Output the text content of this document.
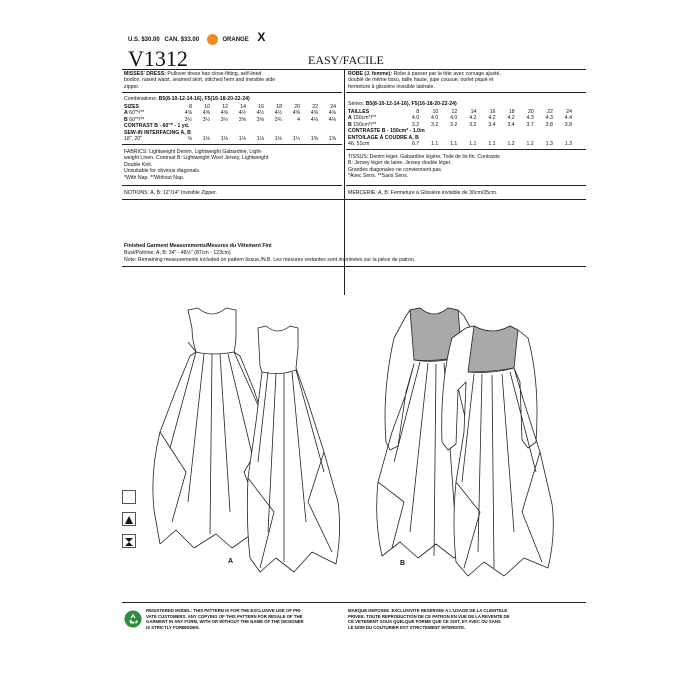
U.S. $30.00 CAN. $33.00	ORANGE X
V1312	EASY/FACILE
MISSES' DRESS: Pullover dress has close-fitting, self-lined
bodice, raised waist, seamed skirt, stitched hem and invisible side
zipper.
Combinations: B5(8-10-12-14-16), F5(16-18-20-22-24)
SIZES	8	10	12	14	16	18	20	22	24
A 60"*/**	4⅝	4⅝	4⅝	4½	4½	4½	4⅝	4⅝	4⅝
B 60"*/**	3½	3½	3½	3⅝	3⅝	3¾	4	4⅛	4⅛
CONTRAST B - 60"* - 1 yd.									
SEW-IN INTERFACING A, B									
18", 20"	⅝	1⅛	1⅛	1⅛	1⅛	1⅛	1¼	1⅜	1⅜
FABRICS: Lightweight Denim, Lightweight Gabardine, Light-
weight Linen. Contrast B: Lightweight Wool Jersey, Lightweight
Double Knit.
Unsuitable for obvious diagonals.
*With Nap. **Without Nap.
NOTIONS: A, B: 12"/14" Invisible Zipper.
ROBE (J. femme): Robe à passer par la tête avec corsage ajusté,
doublé de même tissu, taille haute, jupe cousue, ourlet piqué et
fermeture à glissière invisible latérale.
Séries: B5(8-10-12-14-16), F5(16-18-20-22-24)
TAILLES	8	10	12	14	16	18	20	22	24
A 150cm*/**	4.0	4.0	4.0	4.2	4.2	4.2	4.3	4.3	4.4
B 150cm*/**	3.2	3.2	3.2	3.2	3.4	3.4	3.7	3.8	3.8
CONTRASTE B - 150cm* - 1.0m									
ENTOILAGE À COUDRE A, B									
46, 51cm	0.7	1.1	1.1	1.1	1.1	1.2	1.2	1.3	1.3
TISSUS: Denim léger, Gabardine légère, Toile de lin fin. Contraste
B: Jersey léger de laine, Jersey double léger.
Grandes diagonales ne conviennent pas.
*Avec Sens. **Sans Sens.
MERCERIE: A, B: Fermeture à Glissière invisible de 30cm/35cm.
Finished Garment Measurements/Mesures du Vêtement Fini
Bust/Poitrine: A, B: 34" - 48½" (87cm - 123cm)
Note: Remaining measurements included on pattern tissue./N.B. Les mesures restantes sont imprimées sur la pièce de patron.
A	B
REGISTERED MODEL: THIS PATTERN IS FOR THE EXCLUSIVE USE OF PRI-
VATE CUSTOMERS. ANY COPYING OF THIS PATTERN FOR RESALE OF THE
GARMENT IN ANY FORM, WITH OR WITHOUT THE NAME OF THE DESIGNER
IS STRICTLY FORBIDDEN.
MARQUE DEPOSEE. EXCLUSIVITE RESERVEE A L'USAGE DE LA CLIENTELE
PRIVEE. TOUTE REPRODUCTION DE CE PATRON EN VUE DE LA REVENTE DE
CE VETEMENT SOUS QUELQUE FORME QUE CE SOIT, ET AVEC OU SANS
LE NOM DU COUTURIER EST STRICTEMENT INTERDITE.
